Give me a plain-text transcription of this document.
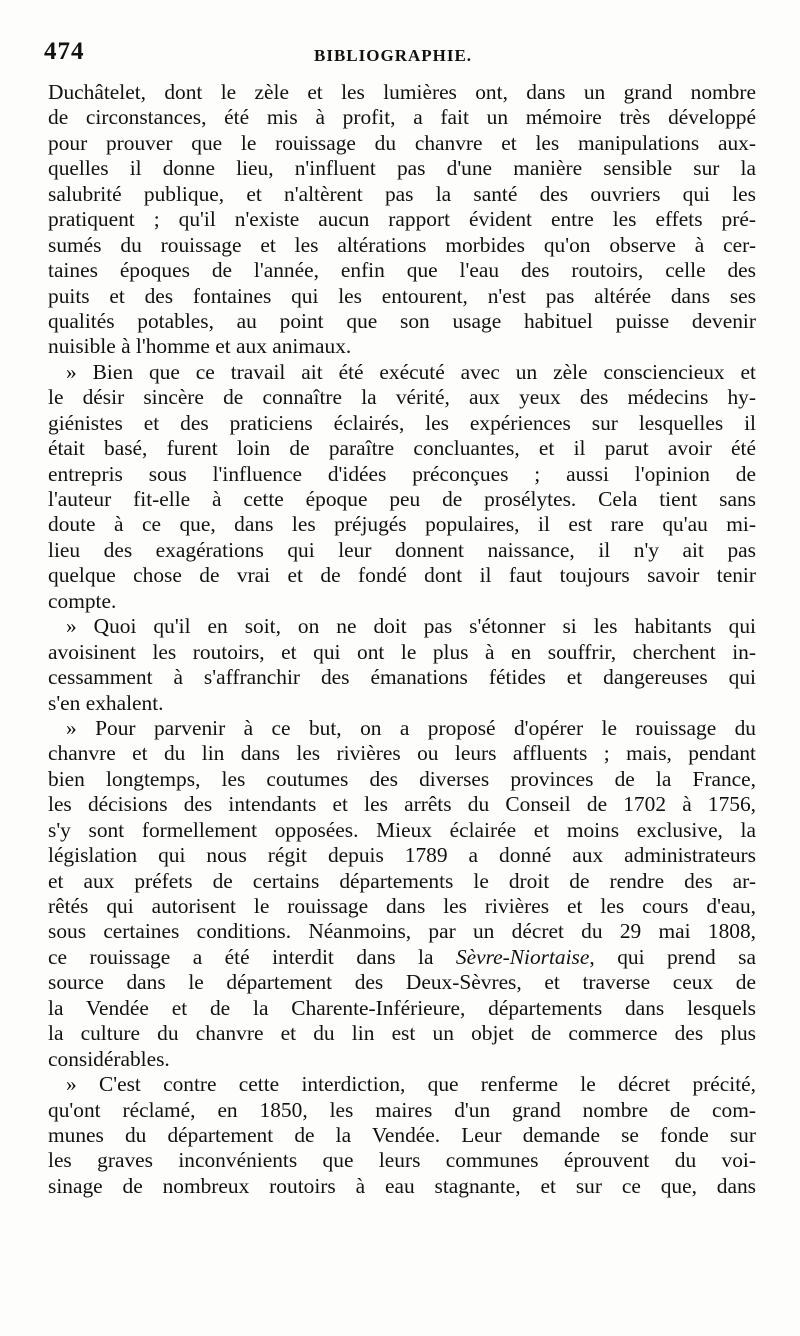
474	BIBLIOGRAPHIE.
Duchâtelet, dont le zèle et les lumières ont, dans un grand nombre
de circonstances, été mis à profit, a fait un mémoire très développé
pour prouver que le rouissage du chanvre et les manipulations aux-
quelles il donne lieu, n'influent pas d'une manière sensible sur la
salubrité publique, et n'altèrent pas la santé des ouvriers qui les
pratiquent ; qu'il n'existe aucun rapport évident entre les effets pré-
sumés du rouissage et les altérations morbides qu'on observe à cer-
taines époques de l'année, enfin que l'eau des routoirs, celle des
puits et des fontaines qui les entourent, n'est pas altérée dans ses
qualités potables, au point que son usage habituel puisse devenir
nuisible à l'homme et aux animaux.
» Bien que ce travail ait été exécuté avec un zèle consciencieux et
le désir sincère de connaître la vérité, aux yeux des médecins hy-
giénistes et des praticiens éclairés, les expériences sur lesquelles il
était basé, furent loin de paraître concluantes, et il parut avoir été
entrepris sous l'influence d'idées préconçues ; aussi l'opinion de
l'auteur fit-elle à cette époque peu de prosélytes. Cela tient sans
doute à ce que, dans les préjugés populaires, il est rare qu'au mi-
lieu des exagérations qui leur donnent naissance, il n'y ait pas
quelque chose de vrai et de fondé dont il faut toujours savoir tenir
compte.
» Quoi qu'il en soit, on ne doit pas s'étonner si les habitants qui
avoisinent les routoirs, et qui ont le plus à en souffrir, cherchent in-
cessamment à s'affranchir des émanations fétides et dangereuses qui
s'en exhalent.
» Pour parvenir à ce but, on a proposé d'opérer le rouissage du
chanvre et du lin dans les rivières ou leurs affluents ; mais, pendant
bien longtemps, les coutumes des diverses provinces de la France,
les décisions des intendants et les arrêts du Conseil de 1702 à 1756,
s'y sont formellement opposées. Mieux éclairée et moins exclusive, la
législation qui nous régit depuis 1789 a donné aux administrateurs
et aux préfets de certains départements le droit de rendre des ar-
rêtés qui autorisent le rouissage dans les rivières et les cours d'eau,
sous certaines conditions. Néanmoins, par un décret du 29 mai 1808,
ce rouissage a été interdit dans la Sèvre-Niortaise, qui prend sa
source dans le département des Deux-Sèvres, et traverse ceux de
la Vendée et de la Charente-Inférieure, départements dans lesquels
la culture du chanvre et du lin est un objet de commerce des plus
considérables.
» C'est contre cette interdiction, que renferme le décret précité,
qu'ont réclamé, en 1850, les maires d'un grand nombre de com-
munes du département de la Vendée. Leur demande se fonde sur
les graves inconvénients que leurs communes éprouvent du voi-
sinage de nombreux routoirs à eau stagnante, et sur ce que, dans
